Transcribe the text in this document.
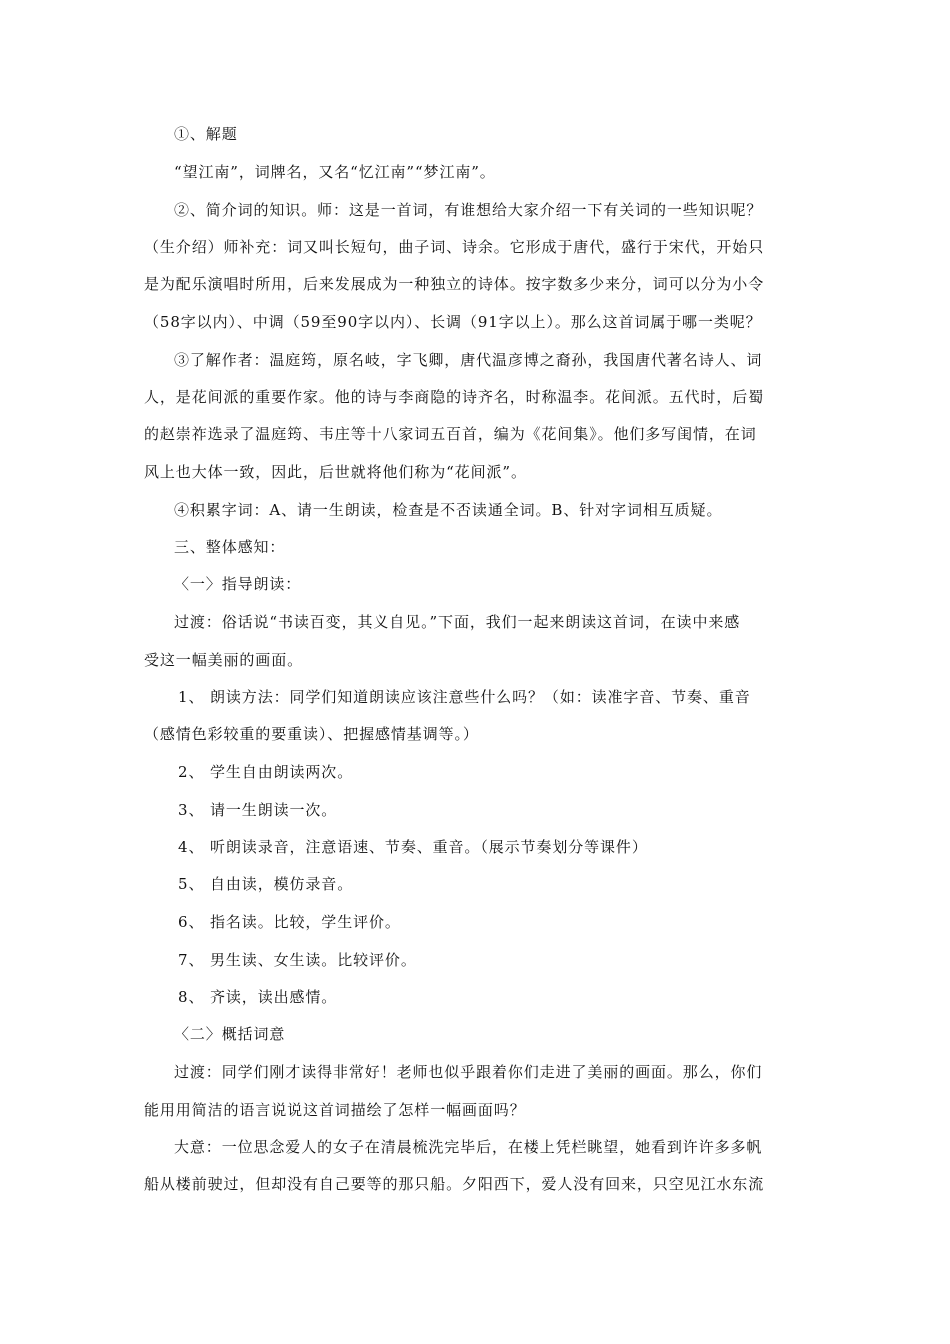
①、解题
“望江南”，词牌名，又名“忆江南”“梦江南”。
②、简介词的知识。师：这是一首词，有谁想给大家介绍一下有关词的一些知识呢？
（生介绍）师补充：词又叫长短句，曲子词、诗余。它形成于唐代，盛行于宋代，开始只
是为配乐演唱时所用，后来发展成为一种独立的诗体。按字数多少来分，词可以分为小令
（58字以内）、中调（59至90字以内）、长调（91字以上）。那么这首词属于哪一类呢？
③了解作者：温庭筠，原名岐，字飞卿，唐代温彦博之裔孙，我国唐代著名诗人、词
人，是花间派的重要作家。他的诗与李商隐的诗齐名，时称温李。花间派。五代时，后蜀
的赵崇祚选录了温庭筠、韦庄等十八家词五百首，编为《花间集》。他们多写闺情，在词
风上也大体一致，因此，后世就将他们称为“花间派”。
④积累字词：A、请一生朗读，检查是不否读通全词。B、针对字词相互质疑。
三、整体感知：
〈一〉指导朗读：
过渡：俗话说“书读百变，其义自见。”下面，我们一起来朗读这首词，在读中来感
受这一幅美丽的画面。
1、 朗读方法：同学们知道朗读应该注意些什么吗？（如：读准字音、节奏、重音
（感情色彩较重的要重读）、把握感情基调等。）
2、 学生自由朗读两次。
3、 请一生朗读一次。
4、 听朗读录音，注意语速、节奏、重音。（展示节奏划分等课件）
5、 自由读，模仿录音。
6、 指名读。比较，学生评价。
7、 男生读、女生读。比较评价。
8、 齐读，读出感情。
〈二〉概括词意
过渡：同学们刚才读得非常好！老师也似乎跟着你们走进了美丽的画面。那么，你们
能用用简洁的语言说说这首词描绘了怎样一幅画面吗？
大意：一位思念爱人的女子在清晨梳洗完毕后，在楼上凭栏眺望，她看到许许多多帆
船从楼前驶过，但却没有自己要等的那只船。夕阳西下，爱人没有回来，只空见江水东流
